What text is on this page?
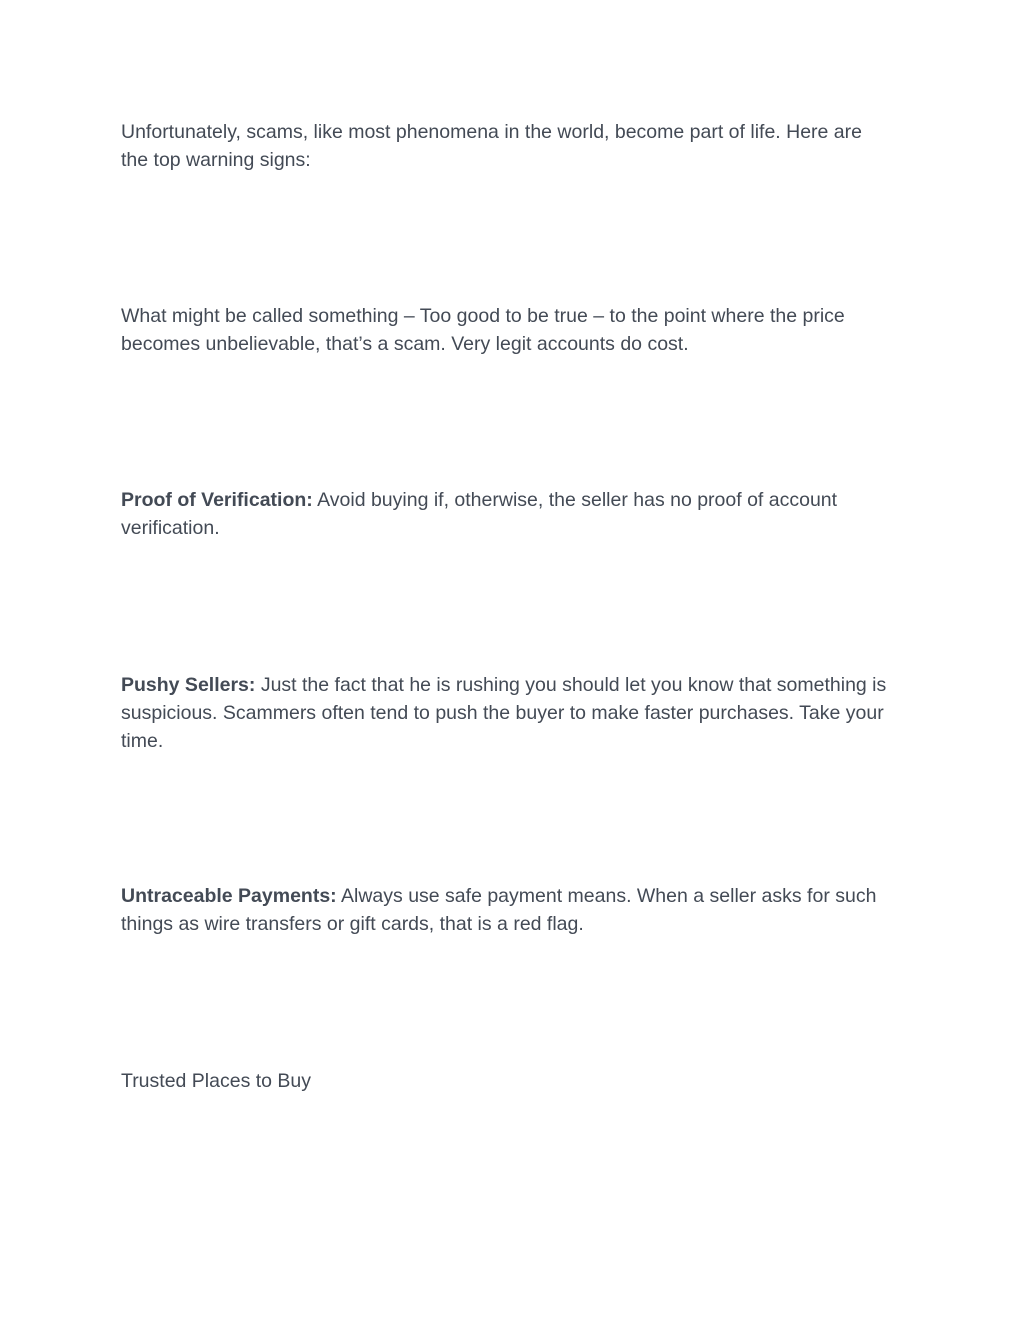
Unfortunately, scams, like most phenomena in the world, become part of life. Here are the top warning signs:

What might be called something – Too good to be true – to the point where the price becomes unbelievable, that’s a scam. Very legit accounts do cost.

Proof of Verification: Avoid buying if, otherwise, the seller has no proof of account verification.

Pushy Sellers: Just the fact that he is rushing you should let you know that something is suspicious. Scammers often tend to push the buyer to make faster purchases. Take your time.

Untraceable Payments: Always use safe payment means. When a seller asks for such things as wire transfers or gift cards, that is a red flag.

Trusted Places to Buy
